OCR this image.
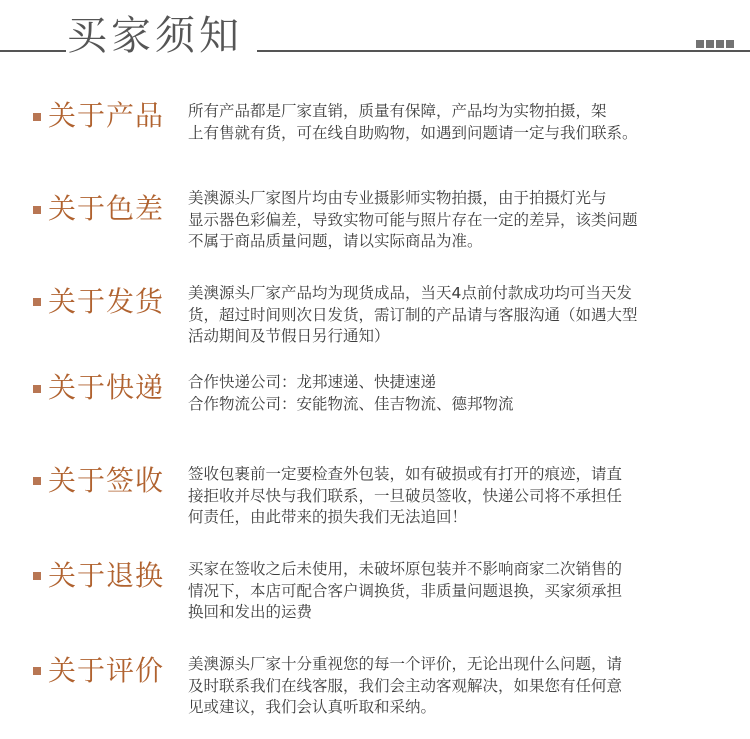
买家须知
关于产品 所有产品都是厂家直销，质量有保障，产品均为实物拍摄，架
上有售就有货，可在线自助购物，如遇到问题请一定与我们联系。
关于色差 美澳源头厂家图片均由专业摄影师实物拍摄，由于拍摄灯光与
显示器色彩偏差，导致实物可能与照片存在一定的差异，该类问题
不属于商品质量问题，请以实际商品为准。
关于发货 美澳源头厂家产品均为现货成品，当天4点前付款成功均可当天发
货，超过时间则次日发货，需订制的产品请与客服沟通（如遇大型
活动期间及节假日另行通知）
关于快递 合作快递公司：龙邦速递、快捷速递
合作物流公司：安能物流、佳吉物流、德邦物流
关于签收 签收包裹前一定要检查外包装，如有破损或有打开的痕迹，请直
接拒收并尽快与我们联系，一旦破员签收，快递公司将不承担任
何责任，由此带来的损失我们无法追回！
关于退换 买家在签收之后未使用，未破坏原包装并不影响商家二次销售的
情况下，本店可配合客户调换货，非质量问题退换，买家须承担
换回和发出的运费
关于评价 美澳源头厂家十分重视您的每一个评价，无论出现什么问题，请
及时联系我们在线客服，我们会主动客观解决，如果您有任何意
见或建议，我们会认真听取和采纳。
